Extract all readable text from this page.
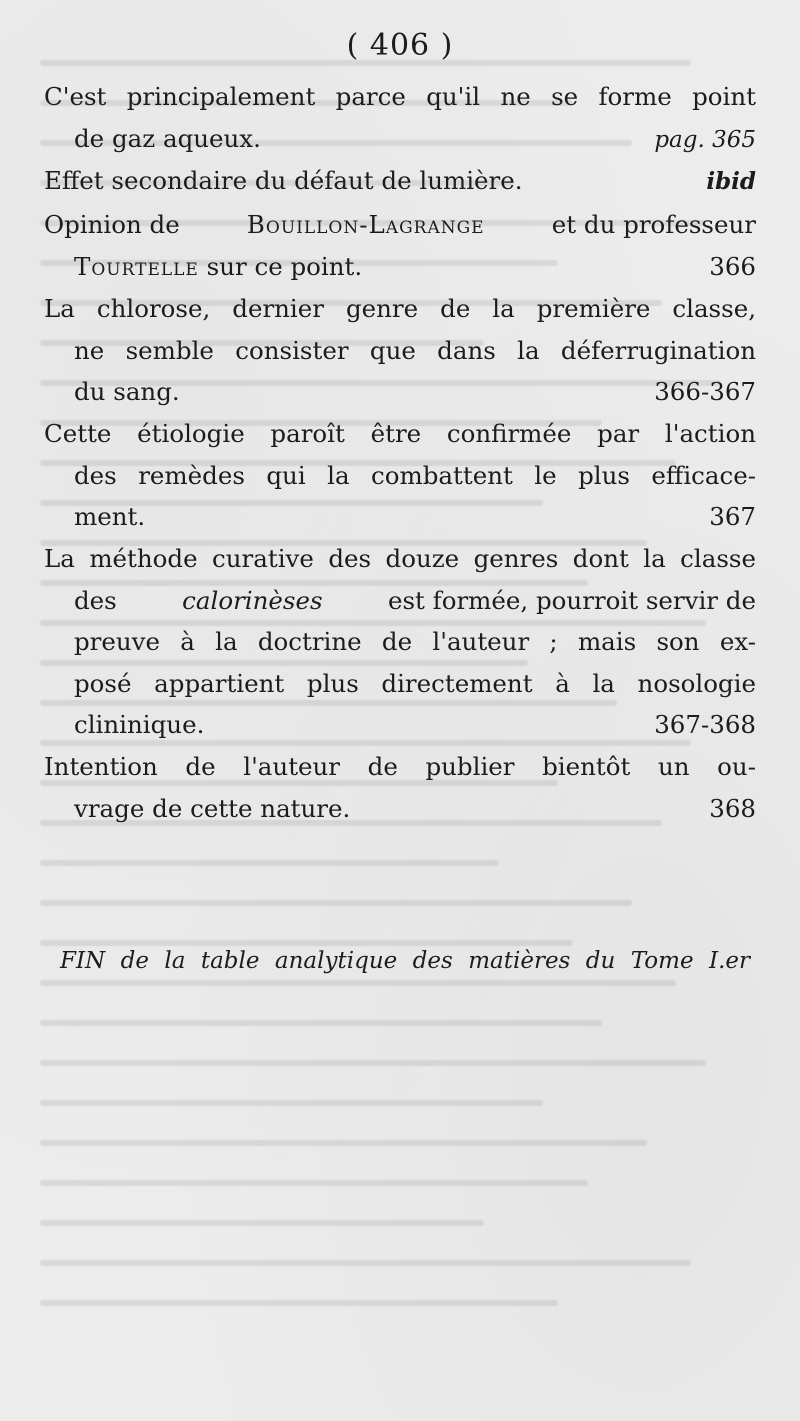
( 406 )
C'est principalement parce qu'il ne se forme point
de gaz aqueux.	pag. 365
Effet secondaire du défaut de lumière.	ibid
Opinion de Bouillon-Lagrange et du professeur
Tourtelle sur ce point.	366
La chlorose, dernier genre de la première classe,
ne semble consister que dans la déferrugination
du sang.	366-367
Cette étiologie paroît être confirmée par l'action
des remèdes qui la combattent le plus efficace-
ment.	367
La méthode curative des douze genres dont la classe
des calorinèses est formée, pourroit servir de
preuve à la doctrine de l'auteur ; mais son ex-
posé appartient plus directement à la nosologie
clininique.	367-368
Intention de l'auteur de publier bientôt un ou-
vrage de cette nature.	368
FIN de la table analytique des matières du Tome I.er
